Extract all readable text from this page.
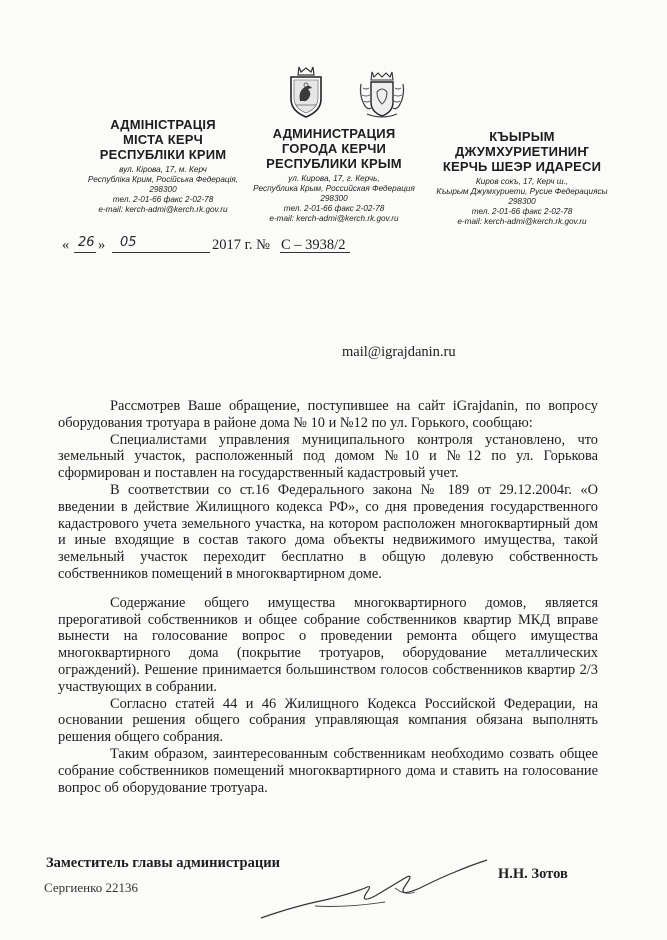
АДМІНІСТРАЦІЯ
МІСТА КЕРЧ
РЕСПУБЛІКИ КРИМ
вул. Кірова, 17, м. Керч
Республіка Крим, Російська Федерація,
298300
тел. 2-01-66 факс 2-02-78
e-mail: kerch-admi@kerch.rk.gov.ru
АДМИНИСТРАЦИЯ
ГОРОДА КЕРЧИ
РЕСПУБЛИКИ КРЫМ
ул. Кирова, 17, г. Керчь,
Республика Крым, Российская Федерация
298300
тел. 2-01-66 факс 2-02-78
e-mail: kerch-admi@kerch.rk.gov.ru
КЪЫРЫМ
ДЖУМХУРИЕТИНИҤ
КЕРЧЬ ШЕЭР ИДАРЕСИ
Киров сокъ, 17, Керч ш.,
Къырым Джумхуриети, Русие Федерациясы
298300
тел. 2-01-66 факс 2-02-78
e-mail: kerch-admi@kerch.rk.gov.ru
« 26 » 05	2017 г. № С – 3938/2
mail@igrajdanin.ru

Рассмотрев Ваше обращение, поступившее на сайт iGrajdanin, по вопросу оборудования тротуара в районе дома № 10 и №12 по ул. Горького, сообщаю:

Специалистами управления муниципального контроля установлено, что земельный участок, расположенный под домом №10 и №12 по ул. Горькова сформирован и поставлен на государственный кадастровый учет.

В соответствии со ст.16 Федерального закона № 189 от 29.12.2004г. «О введении в действие Жилищного кодекса РФ», со дня проведения государственного кадастрового учета земельного участка, на котором расположен многоквартирный дом и иные входящие в состав такого дома объекты недвижимого имущества, такой земельный участок переходит бесплатно в общую долевую собственность собственников помещений в многоквартирном доме.

Содержание общего имущества многоквартирного домов, является прерогативой собственников и общее собрание собственников квартир МКД вправе вынести на голосование вопрос о проведении ремонта общего имущества многоквартирного дома (покрытие тротуаров, оборудование металлических ограждений). Решение принимается большинством голосов собственников квартир 2/3 участвующих в собрании.

Согласно статей 44 и 46 Жилищного Кодекса Российской Федерации, на основании решения общего собрания управляющая компания обязана выполнять решения общего собрания.

Таким образом, заинтересованным собственникам необходимо созвать общее собрание собственников помещений многоквартирного дома и ставить на голосование вопрос об оборудование тротуара.

Заместитель главы администрации
Н.Н. Зотов
Сергиенко 22136
